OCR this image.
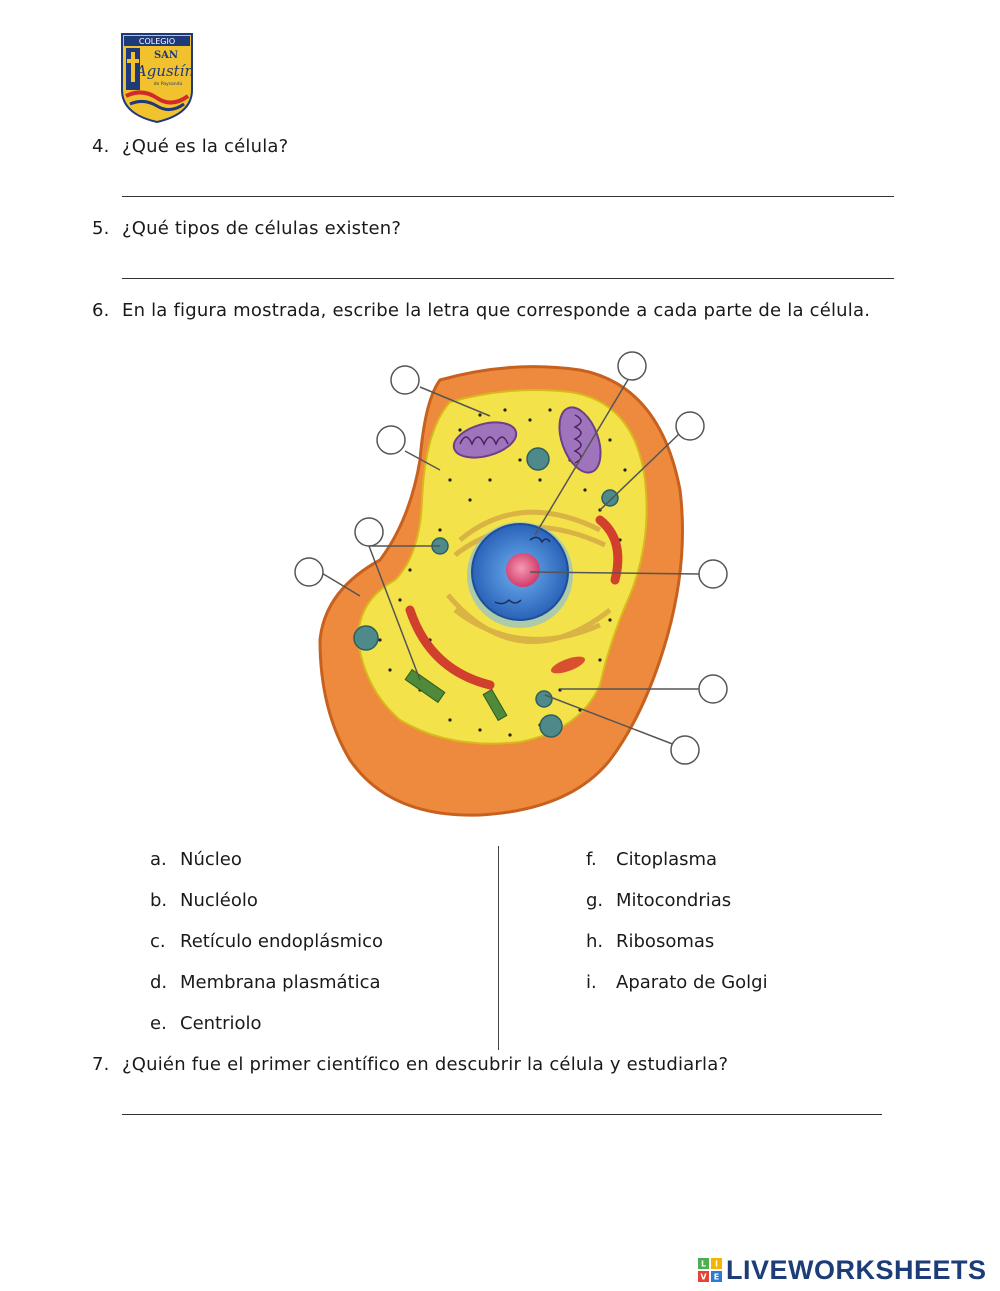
COLEGIO
SAN
Agustín
de Paysandú
4. ¿Qué es la célula?
5. ¿Qué tipos de células existen?
6. En la figura mostrada, escribe la letra que corresponde a cada parte de la célula.
a. Núcleo
b. Nucléolo
c. Retículo endoplásmico
d. Membrana plasmática
e. Centriolo
f. Citoplasma
g. Mitocondrias
h. Ribosomas
i. Aparato de Golgi
7. ¿Quién fue el primer científico en descubrir la célula y estudiarla?
L I
V E LIVEWORKSHEETS
